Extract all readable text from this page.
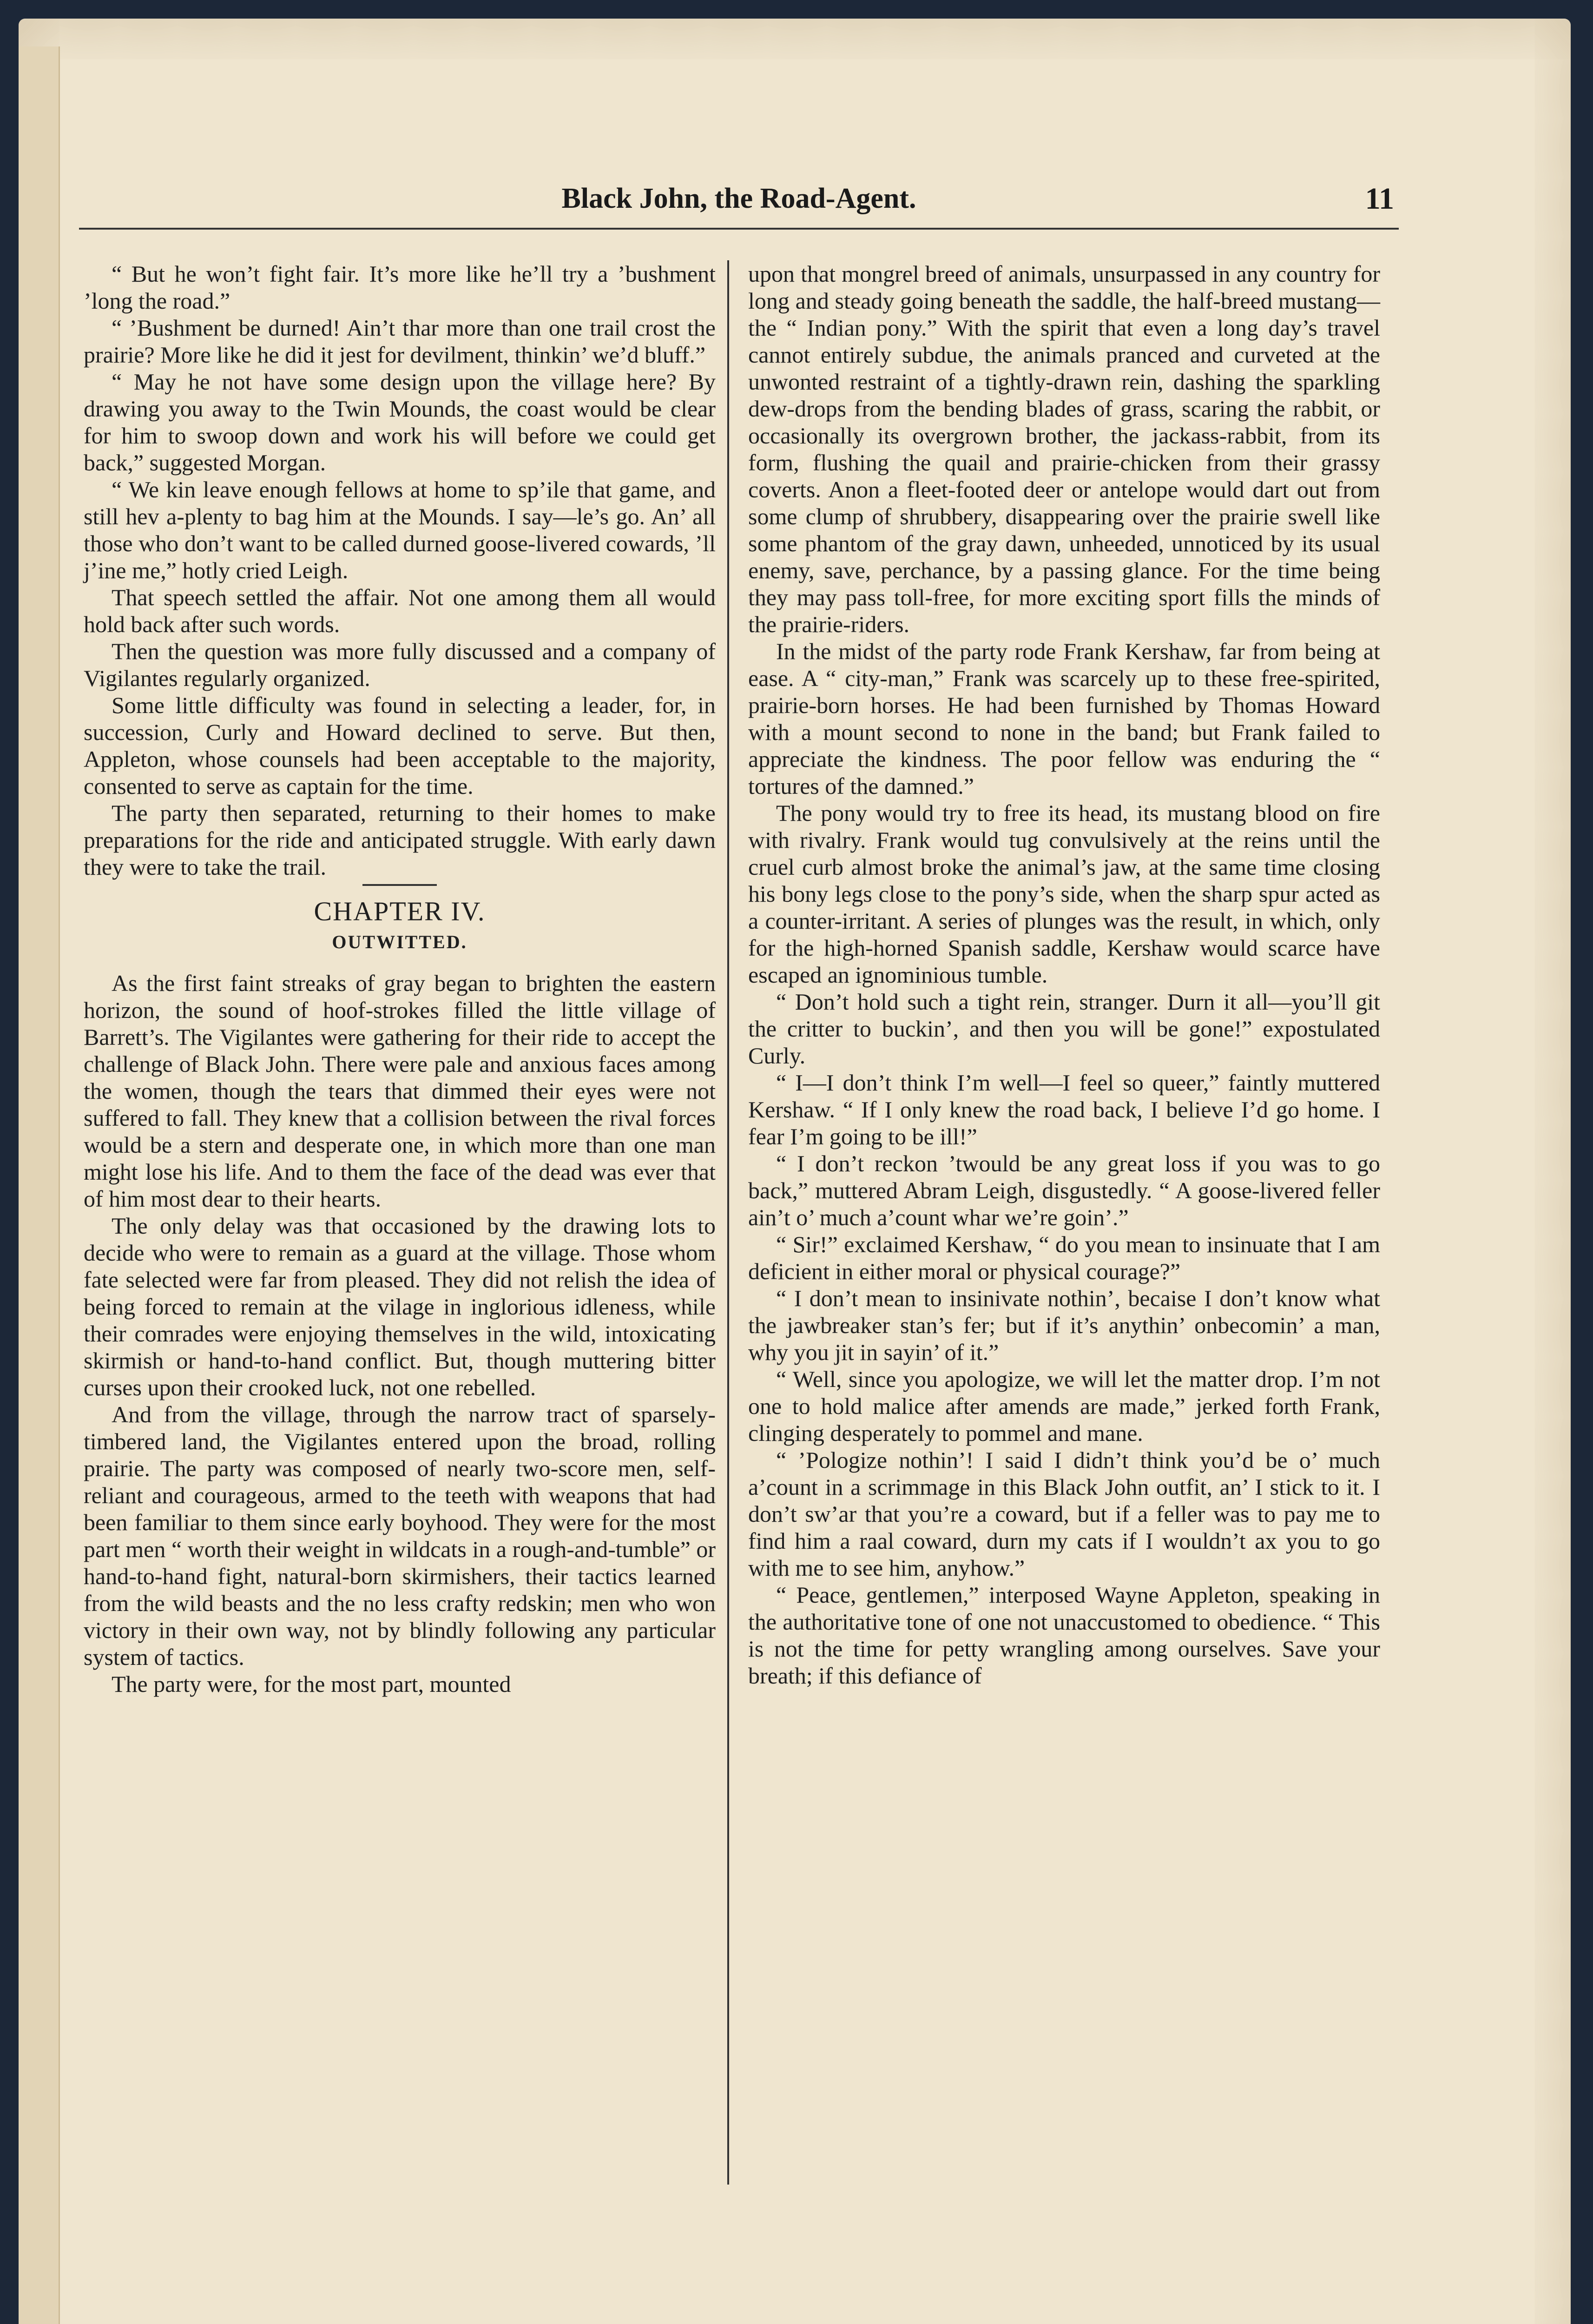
Black John, the Road-Agent.	11

“ But he won’t fight fair. It’s more like he’ll try a ’bushment ’long the road.”

“ ’Bushment be durned! Ain’t thar more than one trail crost the prairie? More like he did it jest for devilment, thinkin’ we’d bluff.”

“ May he not have some design upon the village here? By drawing you away to the Twin Mounds, the coast would be clear for him to swoop down and work his will before we could get back,” suggested Morgan.

“ We kin leave enough fellows at home to sp’ile that game, and still hev a-plenty to bag him at the Mounds. I say—le’s go. An’ all those who don’t want to be called durned goose-livered cowards, ’ll j’ine me,” hotly cried Leigh.

That speech settled the affair. Not one among them all would hold back after such words.

Then the question was more fully discussed and a company of Vigilantes regularly organized.

Some little difficulty was found in selecting a leader, for, in succession, Curly and Howard declined to serve. But then, Appleton, whose counsels had been acceptable to the majority, consented to serve as captain for the time.

The party then separated, returning to their homes to make preparations for the ride and anticipated struggle. With early dawn they were to take the trail.

CHAPTER IV.
OUTWITTED.

As the first faint streaks of gray began to brighten the eastern horizon, the sound of hoof-strokes filled the little village of Barrett’s. The Vigilantes were gathering for their ride to accept the challenge of Black John. There were pale and anxious faces among the women, though the tears that dimmed their eyes were not suffered to fall. They knew that a collision between the rival forces would be a stern and desperate one, in which more than one man might lose his life. And to them the face of the dead was ever that of him most dear to their hearts.

The only delay was that occasioned by the drawing lots to decide who were to remain as a guard at the village. Those whom fate selected were far from pleased. They did not relish the idea of being forced to remain at the vilage in inglorious idleness, while their comrades were enjoying themselves in the wild, intoxicating skirmish or hand-to-hand conflict. But, though muttering bitter curses upon their crooked luck, not one rebelled.

And from the village, through the narrow tract of sparsely-timbered land, the Vigilantes entered upon the broad, rolling prairie. The party was composed of nearly two-score men, self-reliant and courageous, armed to the teeth with weapons that had been familiar to them since early boyhood. They were for the most part men “ worth their weight in wildcats in a rough-and-tumble” or hand-to-hand fight, natural-born skirmishers, their tactics learned from the wild beasts and the no less crafty redskin; men who won victory in their own way, not by blindly following any particular system of tactics.

The party were, for the most part, mounted

upon that mongrel breed of animals, unsurpassed in any country for long and steady going beneath the saddle, the half-breed mustang—the “ Indian pony.” With the spirit that even a long day’s travel cannot entirely subdue, the animals pranced and curveted at the unwonted restraint of a tightly-drawn rein, dashing the sparkling dew-drops from the bending blades of grass, scaring the rabbit, or occasionally its overgrown brother, the jackass-rabbit, from its form, flushing the quail and prairie-chicken from their grassy coverts. Anon a fleet-footed deer or antelope would dart out from some clump of shrubbery, disappearing over the prairie swell like some phantom of the gray dawn, unheeded, unnoticed by its usual enemy, save, perchance, by a passing glance. For the time being they may pass toll-free, for more exciting sport fills the minds of the prairie-riders.

In the midst of the party rode Frank Kershaw, far from being at ease. A “ city-man,” Frank was scarcely up to these free-spirited, prairie-born horses. He had been furnished by Thomas Howard with a mount second to none in the band; but Frank failed to appreciate the kindness. The poor fellow was enduring the “ tortures of the damned.”

The pony would try to free its head, its mustang blood on fire with rivalry. Frank would tug convulsively at the reins until the cruel curb almost broke the animal’s jaw, at the same time closing his bony legs close to the pony’s side, when the sharp spur acted as a counter-irritant. A series of plunges was the result, in which, only for the high-horned Spanish saddle, Kershaw would scarce have escaped an ignominious tumble.

“ Don’t hold such a tight rein, stranger. Durn it all—you’ll git the critter to buckin’, and then you will be gone!” expostulated Curly.

“ I—I don’t think I’m well—I feel so queer,” faintly muttered Kershaw. “ If I only knew the road back, I believe I’d go home. I fear I’m going to be ill!”

“ I don’t reckon ’twould be any great loss if you was to go back,” muttered Abram Leigh, disgustedly. “ A goose-livered feller ain’t o’ much a’count whar we’re goin’.”

“ Sir!” exclaimed Kershaw, “ do you mean to insinuate that I am deficient in either moral or physical courage?”

“ I don’t mean to insinivate nothin’, becaise I don’t know what the jawbreaker stan’s fer; but if it’s anythin’ onbecomin’ a man, why you jit in sayin’ of it.”

“ Well, since you apologize, we will let the matter drop. I’m not one to hold malice after amends are made,” jerked forth Frank, clinging desperately to pommel and mane.

“ ’Pologize nothin’! I said I didn’t think you’d be o’ much a’count in a scrimmage in this Black John outfit, an’ I stick to it. I don’t sw’ar that you’re a coward, but if a feller was to pay me to find him a raal coward, durn my cats if I wouldn’t ax you to go with me to see him, anyhow.”

“ Peace, gentlemen,” interposed Wayne Appleton, speaking in the authoritative tone of one not unaccustomed to obedience. “ This is not the time for petty wrangling among ourselves. Save your breath; if this defiance of
